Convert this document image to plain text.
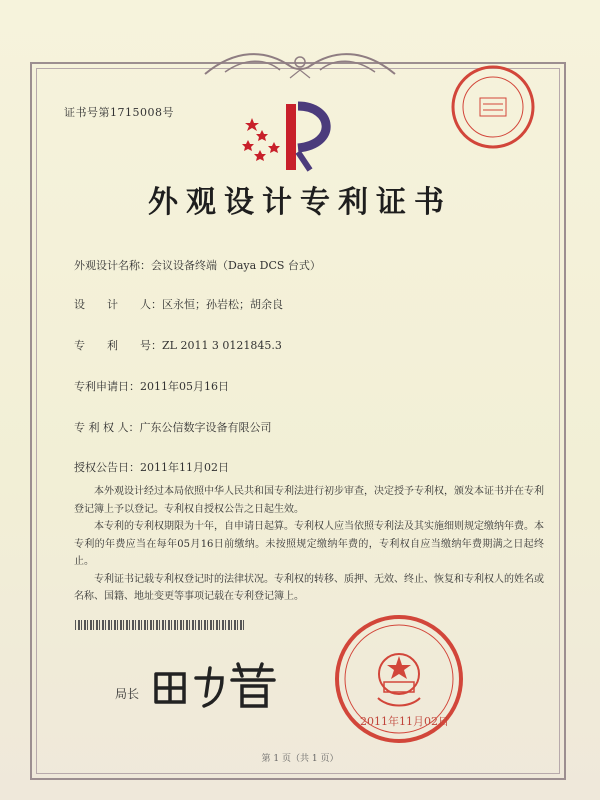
证书号第1715008号
外观设计专利证书
外观设计名称：会议设备终端（Daya DCS 台式）
设　　计　　人：区永恒；孙岩松；胡余良
专　　利　　号：ZL 2011 3 0121845.3
专利申请日：2011年05月16日
专 利 权 人：广东公信数字设备有限公司
授权公告日：2011年11月02日

本外观设计经过本局依照中华人民共和国专利法进行初步审查，决定授予专利权，颁发本证书并在专利登记簿上予以登记。专利权自授权公告之日起生效。

本专利的专利权期限为十年，自申请日起算。专利权人应当依照专利法及其实施细则规定缴纳年费。本专利的年费应当在每年05月16日前缴纳。未按照规定缴纳年费的，专利权自应当缴纳年费期满之日起终止。

专利证书记载专利权登记时的法律状况。专利权的转移、质押、无效、终止、恢复和专利权人的姓名或名称、国籍、地址变更等事项记载在专利登记簿上。

局长
2011年11月02日
第 1 页（共 1 页）
